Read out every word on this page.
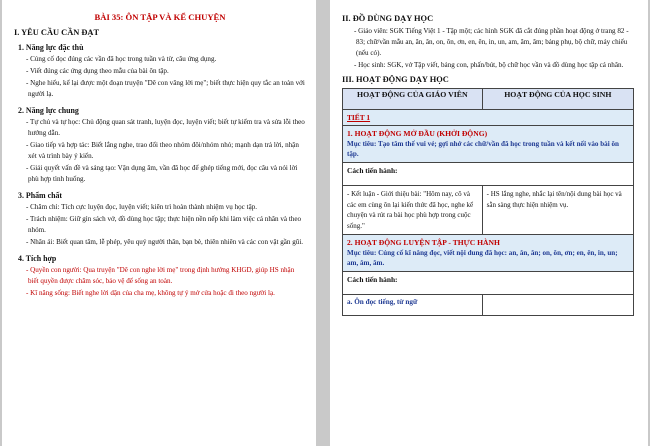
BÀI 35: ÔN TẬP VÀ KỂ CHUYỆN
I. YÊU CẦU CẦN ĐẠT
1. Năng lực đặc thù

- Củng cố đọc đúng các vần đã học trong tuần và từ, câu ứng dụng.

- Viết đúng các ứng dụng theo mẫu của bài ôn tập.

- Nghe hiểu, kể lại được một đoạn truyện "Dê con vâng lời mẹ"; biết thực hiện quy tắc an toàn với người lạ.

2. Năng lực chung

- Tự chủ và tự học: Chủ động quan sát tranh, luyện đọc, luyện viết; biết tự kiểm tra và sửa lỗi theo hướng dẫn.

- Giao tiếp và hợp tác: Biết lắng nghe, trao đổi theo nhóm đôi/nhóm nhỏ; mạnh dạn trả lời, nhận xét và trình bày ý kiến.

- Giải quyết vấn đề và sáng tạo: Vận dụng âm, vần đã học để ghép tiếng mới, đọc câu và nói lời phù hợp tình huống.

3. Phẩm chất

- Chăm chỉ: Tích cực luyện đọc, luyện viết; kiên trì hoàn thành nhiệm vụ học tập.

- Trách nhiệm: Giữ gìn sách vở, đồ dùng học tập; thực hiện nền nếp khi làm việc cá nhân và theo nhóm.

- Nhân ái: Biết quan tâm, lễ phép, yêu quý người thân, bạn bè, thiên nhiên và các con vật gần gũi.

4. Tích hợp

- Quyền con người: Qua truyện "Dê con nghe lời mẹ" trong định hướng KHGD, giúp HS nhận biết quyền được chăm sóc, bảo vệ để sống an toàn.

- Kĩ năng sống: Biết nghe lời dặn của cha mẹ, không tự ý mở cửa hoặc đi theo người lạ.

II. ĐỒ DÙNG DẠY HỌC

- Giáo viên: SGK Tiếng Việt 1 - Tập một; các hình SGK đã cắt đúng phần hoạt động ở trang 82 - 83; chữ/vần mẫu an, ăn, ân, on, ôn, ơn, en, ên, in, un, am, ăm, âm; bảng phụ, bộ chữ, máy chiếu (nếu có).

- Học sinh: SGK, vở Tập viết, bảng con, phấn/bút, bộ chữ học vần và đồ dùng học tập cá nhân.

III. HOẠT ĐỘNG DẠY HỌC
HOẠT ĐỘNG CỦA GIÁO VIÊN	HOẠT ĐỘNG CỦA HỌC SINH
TIẾT 1	

1. HOẠT ĐỘNG MỞ ĐẦU (KHỞI ĐỘNG)
Mục tiêu: Tạo tâm thế vui vẻ; gợi nhớ các chữ/vần đã học trong tuần và kết nối vào bài ôn tập.	

Cách tiến hành:	
- Kết luận - Giới thiệu bài: "Hôm nay, cô và các em cùng ôn lại kiến thức đã học, nghe kể chuyện và rút ra bài học phù hợp trong cuộc sống."	- HS lắng nghe, nhắc lại tên/nội dung bài học và sẵn sàng thực hiện nhiệm vụ.

2. HOẠT ĐỘNG LUYỆN TẬP - THỰC HÀNH
Mục tiêu: Củng cố kĩ năng đọc, viết nội dung đã học: an, ăn, ân; on, ôn, ơn; en, ên, in, un; am, ăm, âm.	

Cách tiến hành:	
a. Ôn đọc tiếng, từ ngữ	
